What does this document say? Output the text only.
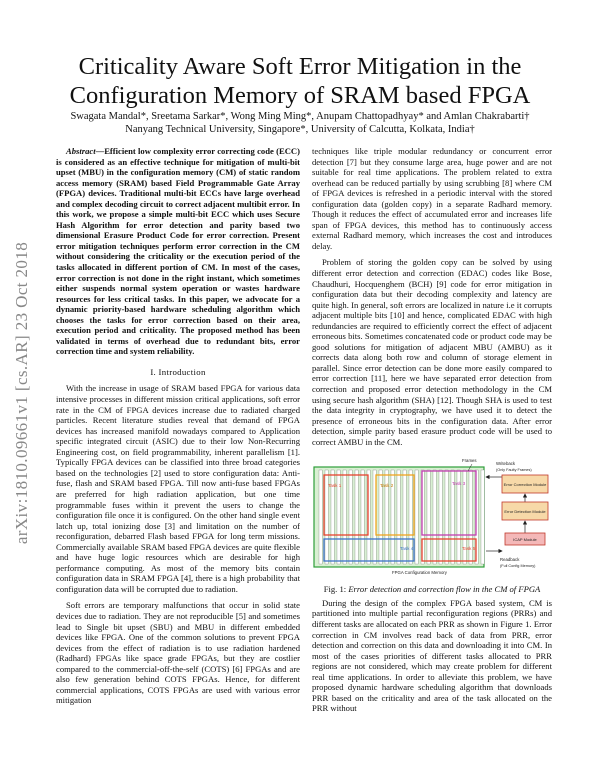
Criticality Aware Soft Error Mitigation in the Configuration Memory of SRAM based FPGA
Swagata Mandal*, Sreetama Sarkar*, Wong Ming Ming*, Anupam Chattopadhyay* and Amlan Chakrabarti†
Nanyang Technical University, Singapore*, University of Calcutta, Kolkata, India†
arXiv:1810.09661v1 [cs.AR] 23 Oct 2018

Abstract—Efficient low complexity error correcting code (ECC) is considered as an effective technique for mitigation of multi-bit upset (MBU) in the configuration memory (CM) of static random access memory (SRAM) based Field Programmable Gate Array (FPGA) devices. Traditional multi-bit ECCs have large overhead and complex decoding circuit to correct adjacent multibit error. In this work, we propose a simple multi-bit ECC which uses Secure Hash Algorithm for error detection and parity based two dimensional Erasure Product Code for error correction. Present error mitigation techniques perform error correction in the CM without considering the criticality or the execution period of the tasks allocated in different portion of CM. In most of the cases, error correction is not done in the right instant, which sometimes either suspends normal system operation or wastes hardware resources for less critical tasks. In this paper, we advocate for a dynamic priority-based hardware scheduling algorithm which chooses the tasks for error correction based on their area, execution period and criticality. The proposed method has been validated in terms of overhead due to redundant bits, error correction time and system reliability.

I. Introduction

With the increase in usage of SRAM based FPGA for various data intensive processes in different mission critical applications, soft error rate in the CM of FPGA devices increase due to radiated charged particles. Recent literature studies reveal that demand of FPGA devices has increased manifold nowadays compared to Application specific integrated circuit (ASIC) due to their low Non-Recurring Engineering cost, on field programmability, inherent parallelism [1]. Typically FPGA devices can be classified into three broad categories based on the technologies [2] used to store configuration data: Anti-fuse, flash and SRAM based FPGA. Till now anti-fuse based FPGAs are preferred for high radiation application, but one time programmable fuses within it prevent the users to change the configuration file once it is configured. On the other hand single event latch up, total ionizing dose [3] and limitation on the number of reconfiguration, debarred Flash based FPGA for long term missions. Commercially available SRAM based FPGA devices are quite flexible and have huge logic resources which are desirable for high performance computing. As most of the memory bits contain configuration data in SRAM FPGA [4], there is a high probability that configuration data will be corrupted due to radiation.

Soft errors are temporary malfunctions that occur in solid state devices due to radiation. They are not reproducible [5] and sometimes lead to Single bit upset (SBU) and MBU in different embedded devices like FPGA. One of the common solutions to prevent FPGA devices from the effect of radiation is to use radiation hardened (Radhard) FPGAs like space grade FPGAs, but they are costlier compared to the commercial-off-the-self (COTS) [6] FPGAs and are also few generation behind COTS FPGAs. Hence, for different commercial applications, COTS FPGAs are used with various error mitigation

techniques like triple modular redundancy or concurrent error detection [7] but they consume large area, huge power and are not suitable for real time applications. The problem related to extra overhead can be reduced partially by using scrubbing [8] where CM of FPGA devices is refreshed in a periodic interval with the stored configuration data (golden copy) in a separate Radhard memory. Though it reduces the effect of accumulated error and increases life span of FPGA devices, this method has to continuously access external Radhard memory, which increases the cost and introduces delay.

Problem of storing the golden copy can be solved by using different error detection and correction (EDAC) codes like Bose, Chaudhuri, Hocquenghem (BCH) [9] code for error mitigation in configuration data but their decoding complexity and latency are quite high. In general, soft errors are localized in nature i.e it corrupts adjacent multiple bits [10] and hence, complicated EDAC with high redundancies are required to efficiently correct the effect of adjacent erroneous bits. Sometimes concatenated code or product code may be good solutions for mitigation of adjacent MBU (AMBU) as it corrects data along both row and column of storage element in parallel. Since error detection can be done more easily compared to error correction [11], here we have separated error detection from correction and proposed error detection methodology in the CM using secure hash algorithm (SHA) [12]. Though SHA is used to test the data integrity in cryptography, we have used it to detect the presence of erroneous bits in the configuration data. After error detection, simple parity based erasure product code will be used to correct AMBU in the CM.

Task 1	Task 2	Task 3
Task 4	Task 5
FPGA Configuration Memory
Frames
Writeback
(Only Faulty Frames)
Error Correction Module
Error Detection Module
ICAP Module
Readback
(Full Config Memory)

Fig. 1: Error detection and correction flow in the CM of FPGA

During the design of the complex FPGA based system, CM is partitioned into multiple partial reconfiguration regions (PRRs) and different tasks are allocated on each PRR as shown in Figure 1. Error correction in CM involves read back of data from PRR, error detection and correction on this data and downloading it into CM. In most of the cases priorities of different tasks allocated to PRR regions are not considered, which may create problem for different real time applications. In order to alleviate this problem, we have proposed dynamic hardware scheduling algorithm that downloads PRR based on the criticality and area of the task allocated on the PRR without
